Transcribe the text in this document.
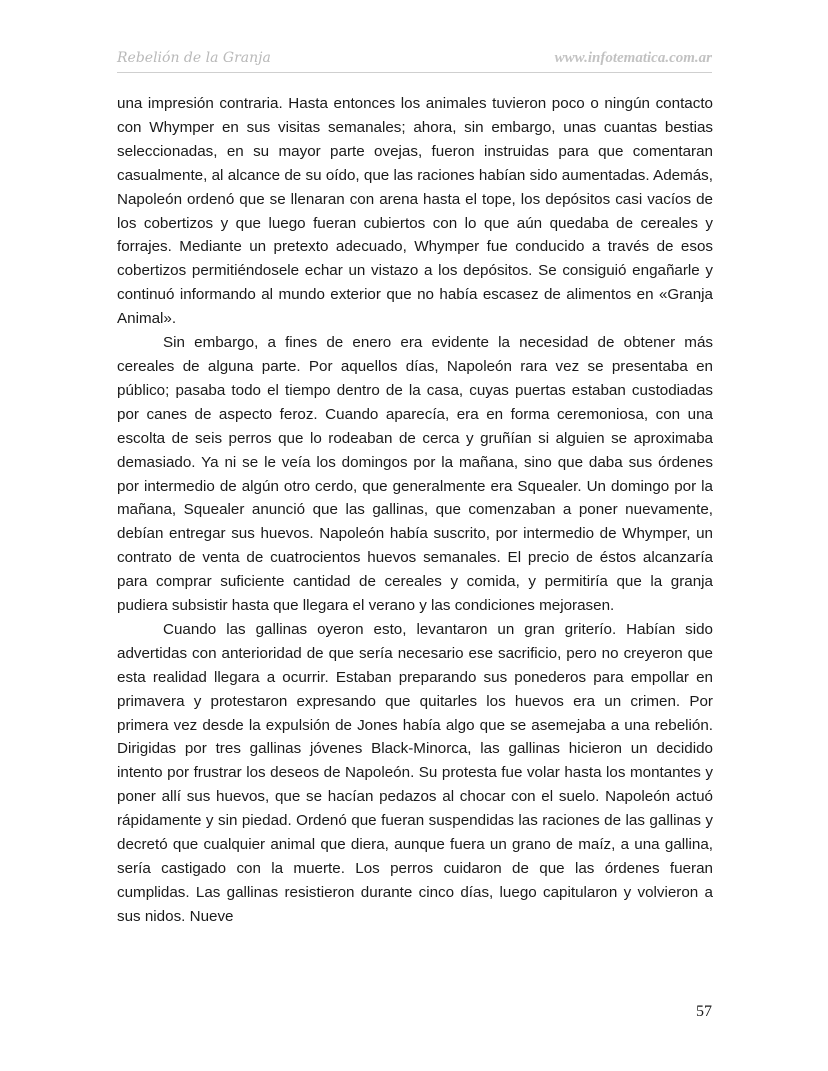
Rebelión de la Granja	www.infotematica.com.ar

una impresión contraria. Hasta entonces los animales tuvieron poco o ningún contacto con Whymper en sus visitas semanales; ahora, sin embargo, unas cuantas bestias seleccionadas, en su mayor parte ovejas, fueron instruidas para que comentaran casualmente, al alcance de su oído, que las raciones habían sido aumentadas. Además, Napoleón ordenó que se llenaran con arena hasta el tope, los depósitos casi vacíos de los cobertizos y que luego fueran cubiertos con lo que aún quedaba de cereales y forrajes. Mediante un pretexto adecuado, Whymper fue conducido a través de esos cobertizos permitiéndosele echar un vistazo a los depósitos. Se consiguió engañarle y continuó informando al mundo exterior que no había escasez de alimentos en «Granja Animal».

Sin embargo, a fines de enero era evidente la necesidad de obtener más cereales de alguna parte. Por aquellos días, Napoleón rara vez se presentaba en público; pasaba todo el tiempo dentro de la casa, cuyas puertas estaban custodiadas por canes de aspecto feroz. Cuando aparecía, era en forma ceremoniosa, con una escolta de seis perros que lo rodeaban de cerca y gruñían si alguien se aproximaba demasiado. Ya ni se le veía los domingos por la mañana, sino que daba sus órdenes por intermedio de algún otro cerdo, que generalmente era Squealer. Un domingo por la mañana, Squealer anunció que las gallinas, que comenzaban a poner nuevamente, debían entregar sus huevos. Napoleón había suscrito, por intermedio de Whymper, un contrato de venta de cuatrocientos huevos semanales. El precio de éstos alcanzaría para comprar suficiente cantidad de cereales y comida, y permitiría que la granja pudiera subsistir hasta que llegara el verano y las condiciones mejorasen.

Cuando las gallinas oyeron esto, levantaron un gran griterío. Habían sido advertidas con anterioridad de que sería necesario ese sacrificio, pero no creyeron que esta realidad llegara a ocurrir. Estaban preparando sus ponederos para empollar en primavera y protestaron expresando que quitarles los huevos era un crimen. Por primera vez desde la expulsión de Jones había algo que se asemejaba a una rebelión. Dirigidas por tres gallinas jóvenes Black-Minorca, las gallinas hicieron un decidido intento por frustrar los deseos de Napoleón. Su protesta fue volar hasta los montantes y poner allí sus huevos, que se hacían pedazos al chocar con el suelo. Napoleón actuó rápidamente y sin piedad. Ordenó que fueran suspendidas las raciones de las gallinas y decretó que cualquier animal que diera, aunque fuera un grano de maíz, a una gallina, sería castigado con la muerte. Los perros cuidaron de que las órdenes fueran cumplidas. Las gallinas resistieron durante cinco días, luego capitularon y volvieron a sus nidos. Nueve

57
